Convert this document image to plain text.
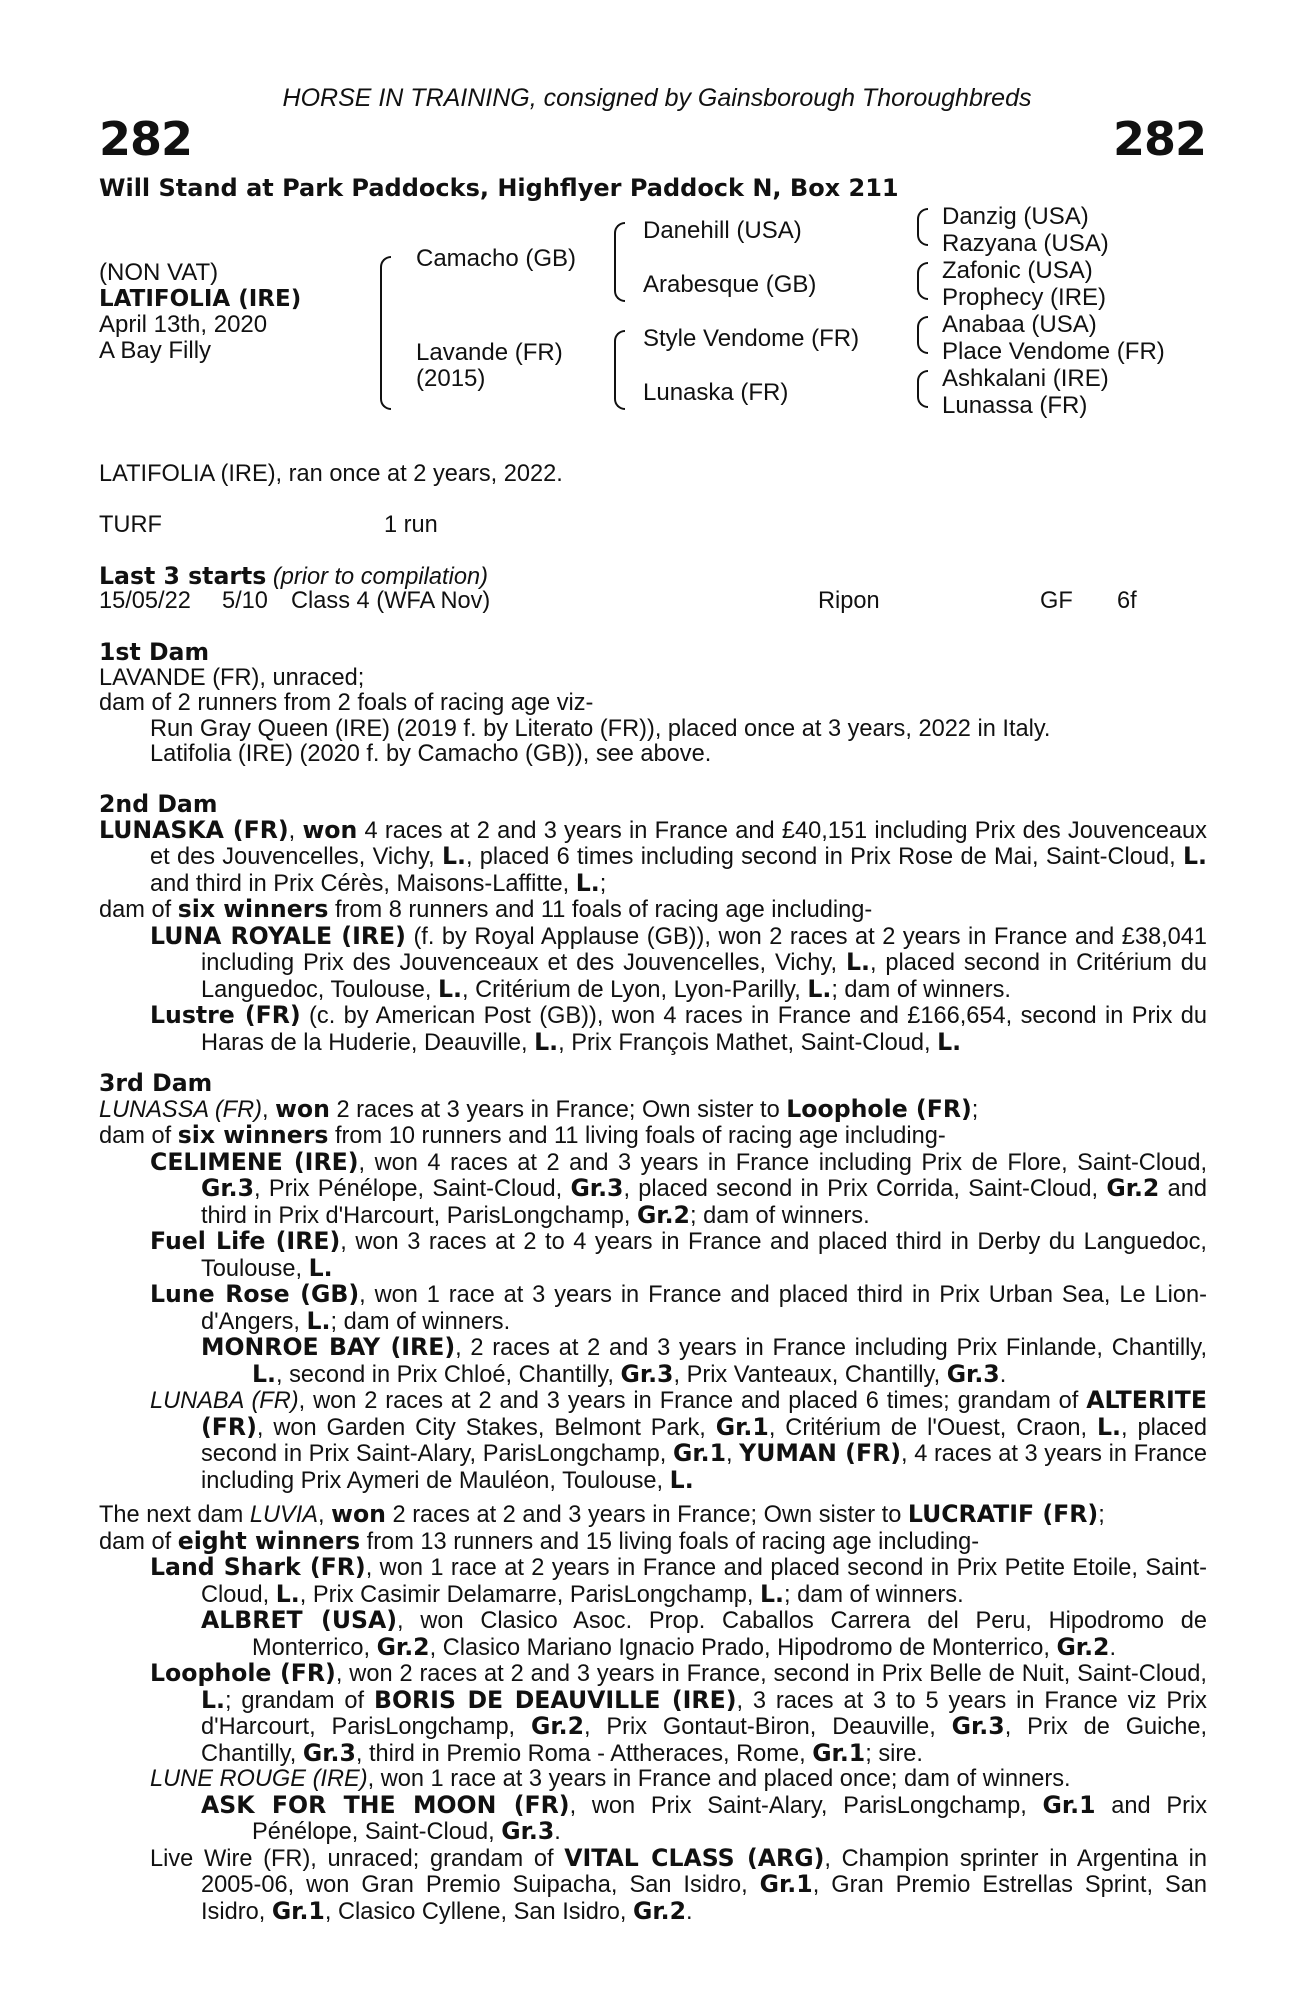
HORSE IN TRAINING, consigned by Gainsborough Thoroughbreds
282	282
Will Stand at Park Paddocks, Highflyer Paddock N, Box 211
(NON VAT)
LATIFOLIA (IRE)
April 13th, 2020
A Bay Filly
Camacho (GB)
Lavande (FR)
(2015)
Danehill (USA)
Arabesque (GB)
Style Vendome (FR)
Lunaska (FR)
Danzig (USA)
Razyana (USA)
Zafonic (USA)
Prophecy (IRE)
Anabaa (USA)
Place Vendome (FR)
Ashkalani (IRE)
Lunassa (FR)
LATIFOLIA (IRE), ran once at 2 years, 2022.
TURF	1 run
Last 3 starts (prior to compilation)
15/05/22 5/10 Class 4 (WFA Nov)	Ripon	GF 6f
1st Dam
LAVANDE (FR), unraced;
dam of 2 runners from 2 foals of racing age viz-
Run Gray Queen (IRE) (2019 f. by Literato (FR)), placed once at 3 years, 2022 in Italy.
Latifolia (IRE) (2020 f. by Camacho (GB)), see above.
2nd Dam
LUNASKA (FR), won 4 races at 2 and 3 years in France and £40,151 including Prix des Jouvenceaux et des Jouvencelles, Vichy, L., placed 6 times including second in Prix Rose de Mai, Saint-Cloud, L. and third in Prix Cérès, Maisons-Laffitte, L.;
dam of six winners from 8 runners and 11 foals of racing age including-
LUNA ROYALE (IRE) (f. by Royal Applause (GB)), won 2 races at 2 years in France and £38,041 including Prix des Jouvenceaux et des Jouvencelles, Vichy, L., placed second in Critérium du Languedoc, Toulouse, L., Critérium de Lyon, Lyon-Parilly, L.; dam of winners.
Lustre (FR) (c. by American Post (GB)), won 4 races in France and £166,654, second in Prix du Haras de la Huderie, Deauville, L., Prix François Mathet, Saint-Cloud, L.
3rd Dam
LUNASSA (FR), won 2 races at 3 years in France; Own sister to Loophole (FR);
dam of six winners from 10 runners and 11 living foals of racing age including-
CELIMENE (IRE), won 4 races at 2 and 3 years in France including Prix de Flore, Saint-Cloud, Gr.3, Prix Pénélope, Saint-Cloud, Gr.3, placed second in Prix Corrida, Saint-Cloud, Gr.2 and third in Prix d'Harcourt, ParisLongchamp, Gr.2; dam of winners.
Fuel Life (IRE), won 3 races at 2 to 4 years in France and placed third in Derby du Languedoc, Toulouse, L.
Lune Rose (GB), won 1 race at 3 years in France and placed third in Prix Urban Sea, Le Lion-d'Angers, L.; dam of winners.
MONROE BAY (IRE), 2 races at 2 and 3 years in France including Prix Finlande, Chantilly, L., second in Prix Chloé, Chantilly, Gr.3, Prix Vanteaux, Chantilly, Gr.3.
LUNABA (FR), won 2 races at 2 and 3 years in France and placed 6 times; grandam of ALTERITE (FR), won Garden City Stakes, Belmont Park, Gr.1, Critérium de l'Ouest, Craon, L., placed second in Prix Saint-Alary, ParisLongchamp, Gr.1, YUMAN (FR), 4 races at 3 years in France including Prix Aymeri de Mauléon, Toulouse, L.
The next dam LUVIA, won 2 races at 2 and 3 years in France; Own sister to LUCRATIF (FR);
dam of eight winners from 13 runners and 15 living foals of racing age including-
Land Shark (FR), won 1 race at 2 years in France and placed second in Prix Petite Etoile, Saint-Cloud, L., Prix Casimir Delamarre, ParisLongchamp, L.; dam of winners.
ALBRET (USA), won Clasico Asoc. Prop. Caballos Carrera del Peru, Hipodromo de Monterrico, Gr.2, Clasico Mariano Ignacio Prado, Hipodromo de Monterrico, Gr.2.
Loophole (FR), won 2 races at 2 and 3 years in France, second in Prix Belle de Nuit, Saint-Cloud, L.; grandam of BORIS DE DEAUVILLE (IRE), 3 races at 3 to 5 years in France viz Prix d'Harcourt, ParisLongchamp, Gr.2, Prix Gontaut-Biron, Deauville, Gr.3, Prix de Guiche, Chantilly, Gr.3, third in Premio Roma - Attheraces, Rome, Gr.1; sire.
LUNE ROUGE (IRE), won 1 race at 3 years in France and placed once; dam of winners.
ASK FOR THE MOON (FR), won Prix Saint-Alary, ParisLongchamp, Gr.1 and Prix Pénélope, Saint-Cloud, Gr.3.
Live Wire (FR), unraced; grandam of VITAL CLASS (ARG), Champion sprinter in Argentina in 2005-06, won Gran Premio Suipacha, San Isidro, Gr.1, Gran Premio Estrellas Sprint, San Isidro, Gr.1, Clasico Cyllene, San Isidro, Gr.2.
